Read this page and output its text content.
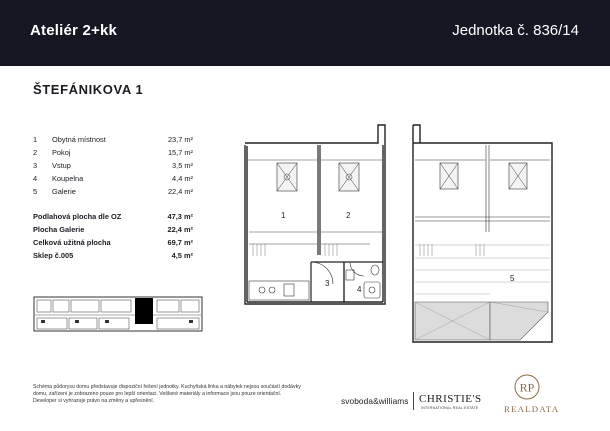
Ateliér 2+kk	Jednotka č. 836/14
ŠTEFÁNIKOVA 1
1	Obytná místnost	23,7 m²
2	Pokoj	15,7 m²
3	Vstup	3,5 m²
4	Koupelna	4,4 m²
5	Galerie	22,4 m²
Podlahová plocha dle OZ	47,3 m²
Plocha Galerie	22,4 m²
Celková užitná plocha	69,7 m²
Sklep č.005	4,5 m²
1	2
3
4
5
Schéma půdorysu domu představuje dispoziční řešení jednotky. Kuchyňská linka a nábytek nejsou součástí dodávky domu, zařízení je zobrazeno pouze pro lepší orientaci. Veškeré materiály a informace jsou pouze orientační. Developer si vyhrazuje právo na změny a upřesnění.	svoboda&williams CHRISTIE'S
INTERNATIONAL REAL ESTATE
RP
REALDATA
